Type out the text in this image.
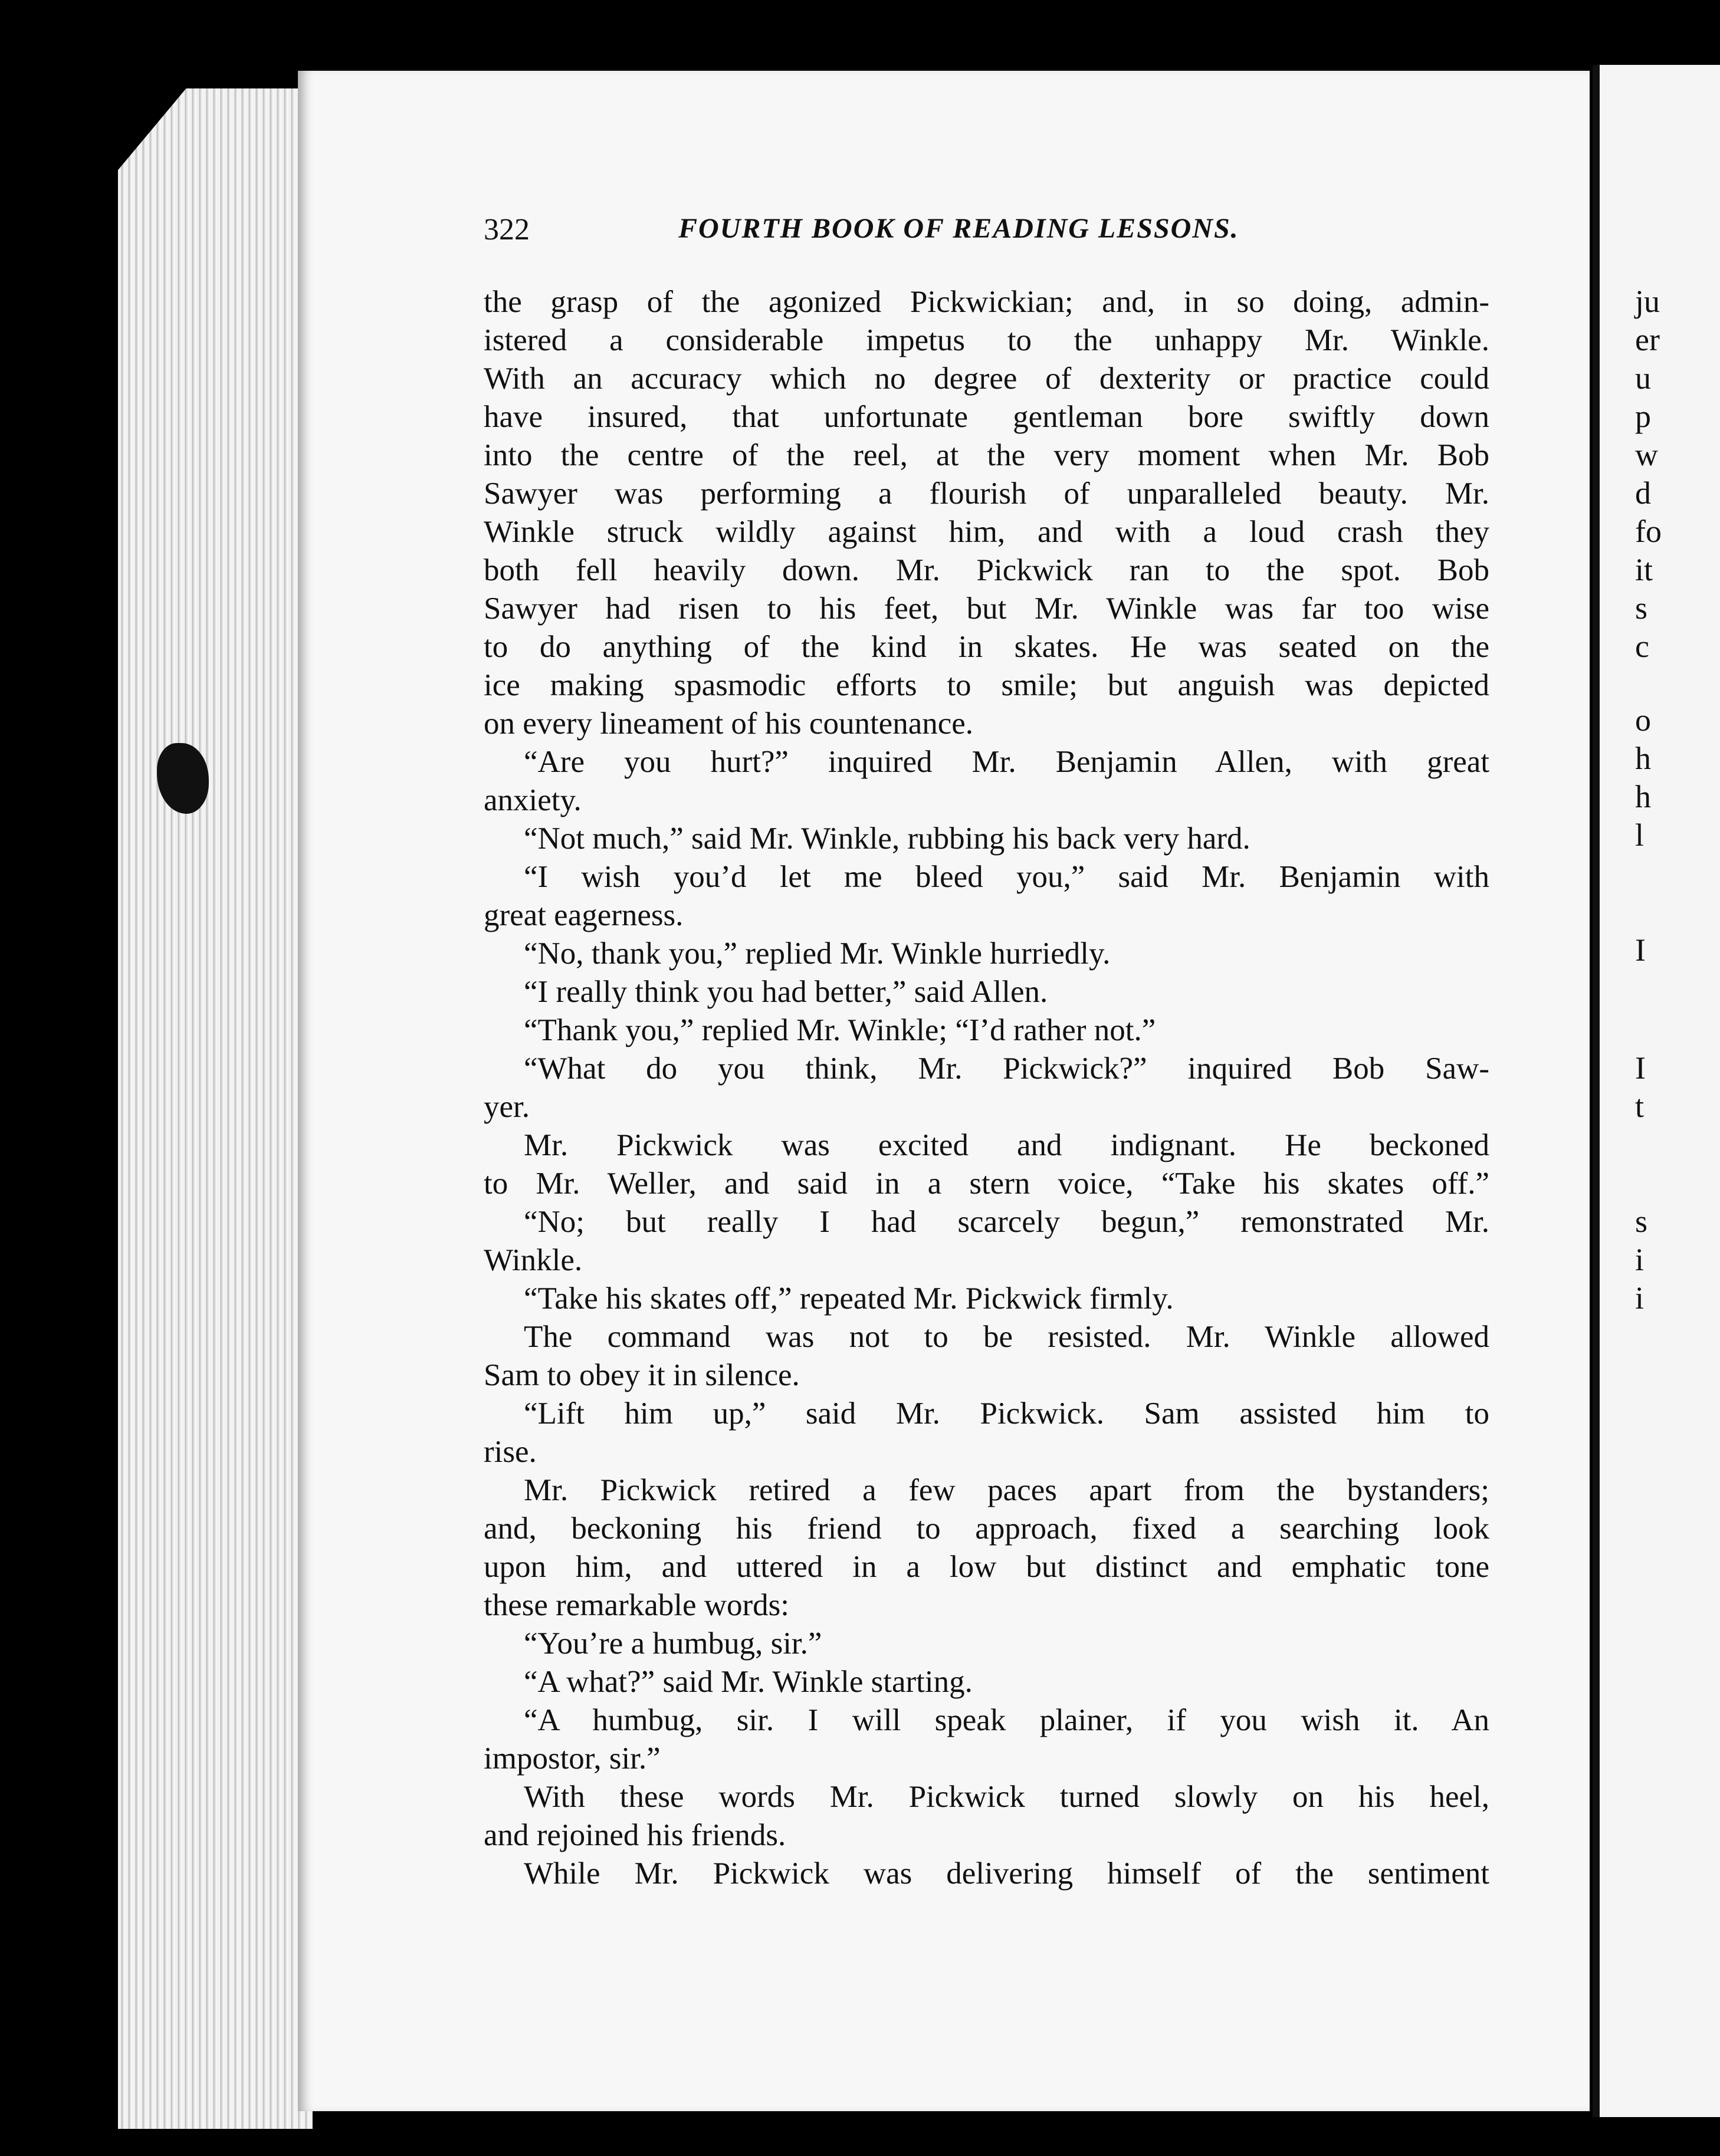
322	FOURTH BOOK OF READING LESSONS.
the grasp of the agonized Pickwickian; and, in so doing, admin-
istered a considerable impetus to the unhappy Mr. Winkle.
With an accuracy which no degree of dexterity or practice could
have insured, that unfortunate gentleman bore swiftly down
into the centre of the reel, at the very moment when Mr. Bob
Sawyer was performing a flourish of unparalleled beauty. Mr.
Winkle struck wildly against him, and with a loud crash they
both fell heavily down. Mr. Pickwick ran to the spot. Bob
Sawyer had risen to his feet, but Mr. Winkle was far too wise
to do anything of the kind in skates. He was seated on the
ice making spasmodic efforts to smile; but anguish was depicted
on every lineament of his countenance.
“Are you hurt?” inquired Mr. Benjamin Allen, with great
anxiety.
“Not much,” said Mr. Winkle, rubbing his back very hard.
“I wish you’d let me bleed you,” said Mr. Benjamin with
great eagerness.
“No, thank you,” replied Mr. Winkle hurriedly.
“I really think you had better,” said Allen.
“Thank you,” replied Mr. Winkle; “I’d rather not.”
“What do you think, Mr. Pickwick?” inquired Bob Saw-
yer.
Mr. Pickwick was excited and indignant. He beckoned
to Mr. Weller, and said in a stern voice, “Take his skates off.”
“No; but really I had scarcely begun,” remonstrated Mr.
Winkle.
“Take his skates off,” repeated Mr. Pickwick firmly.
The command was not to be resisted. Mr. Winkle allowed
Sam to obey it in silence.
“Lift him up,” said Mr. Pickwick. Sam assisted him to
rise.
Mr. Pickwick retired a few paces apart from the bystanders;
and, beckoning his friend to approach, fixed a searching look
upon him, and uttered in a low but distinct and emphatic tone
these remarkable words:
“You’re a humbug, sir.”
“A what?” said Mr. Winkle starting.
“A humbug, sir. I will speak plainer, if you wish it. An
impostor, sir.”
With these words Mr. Pickwick turned slowly on his heel,
and rejoined his friends.
While Mr. Pickwick was delivering himself of the sentiment
ju
er
u
p
w
d
fo
it
s
c
o
h
h
l
I
I
t
s
i
i
